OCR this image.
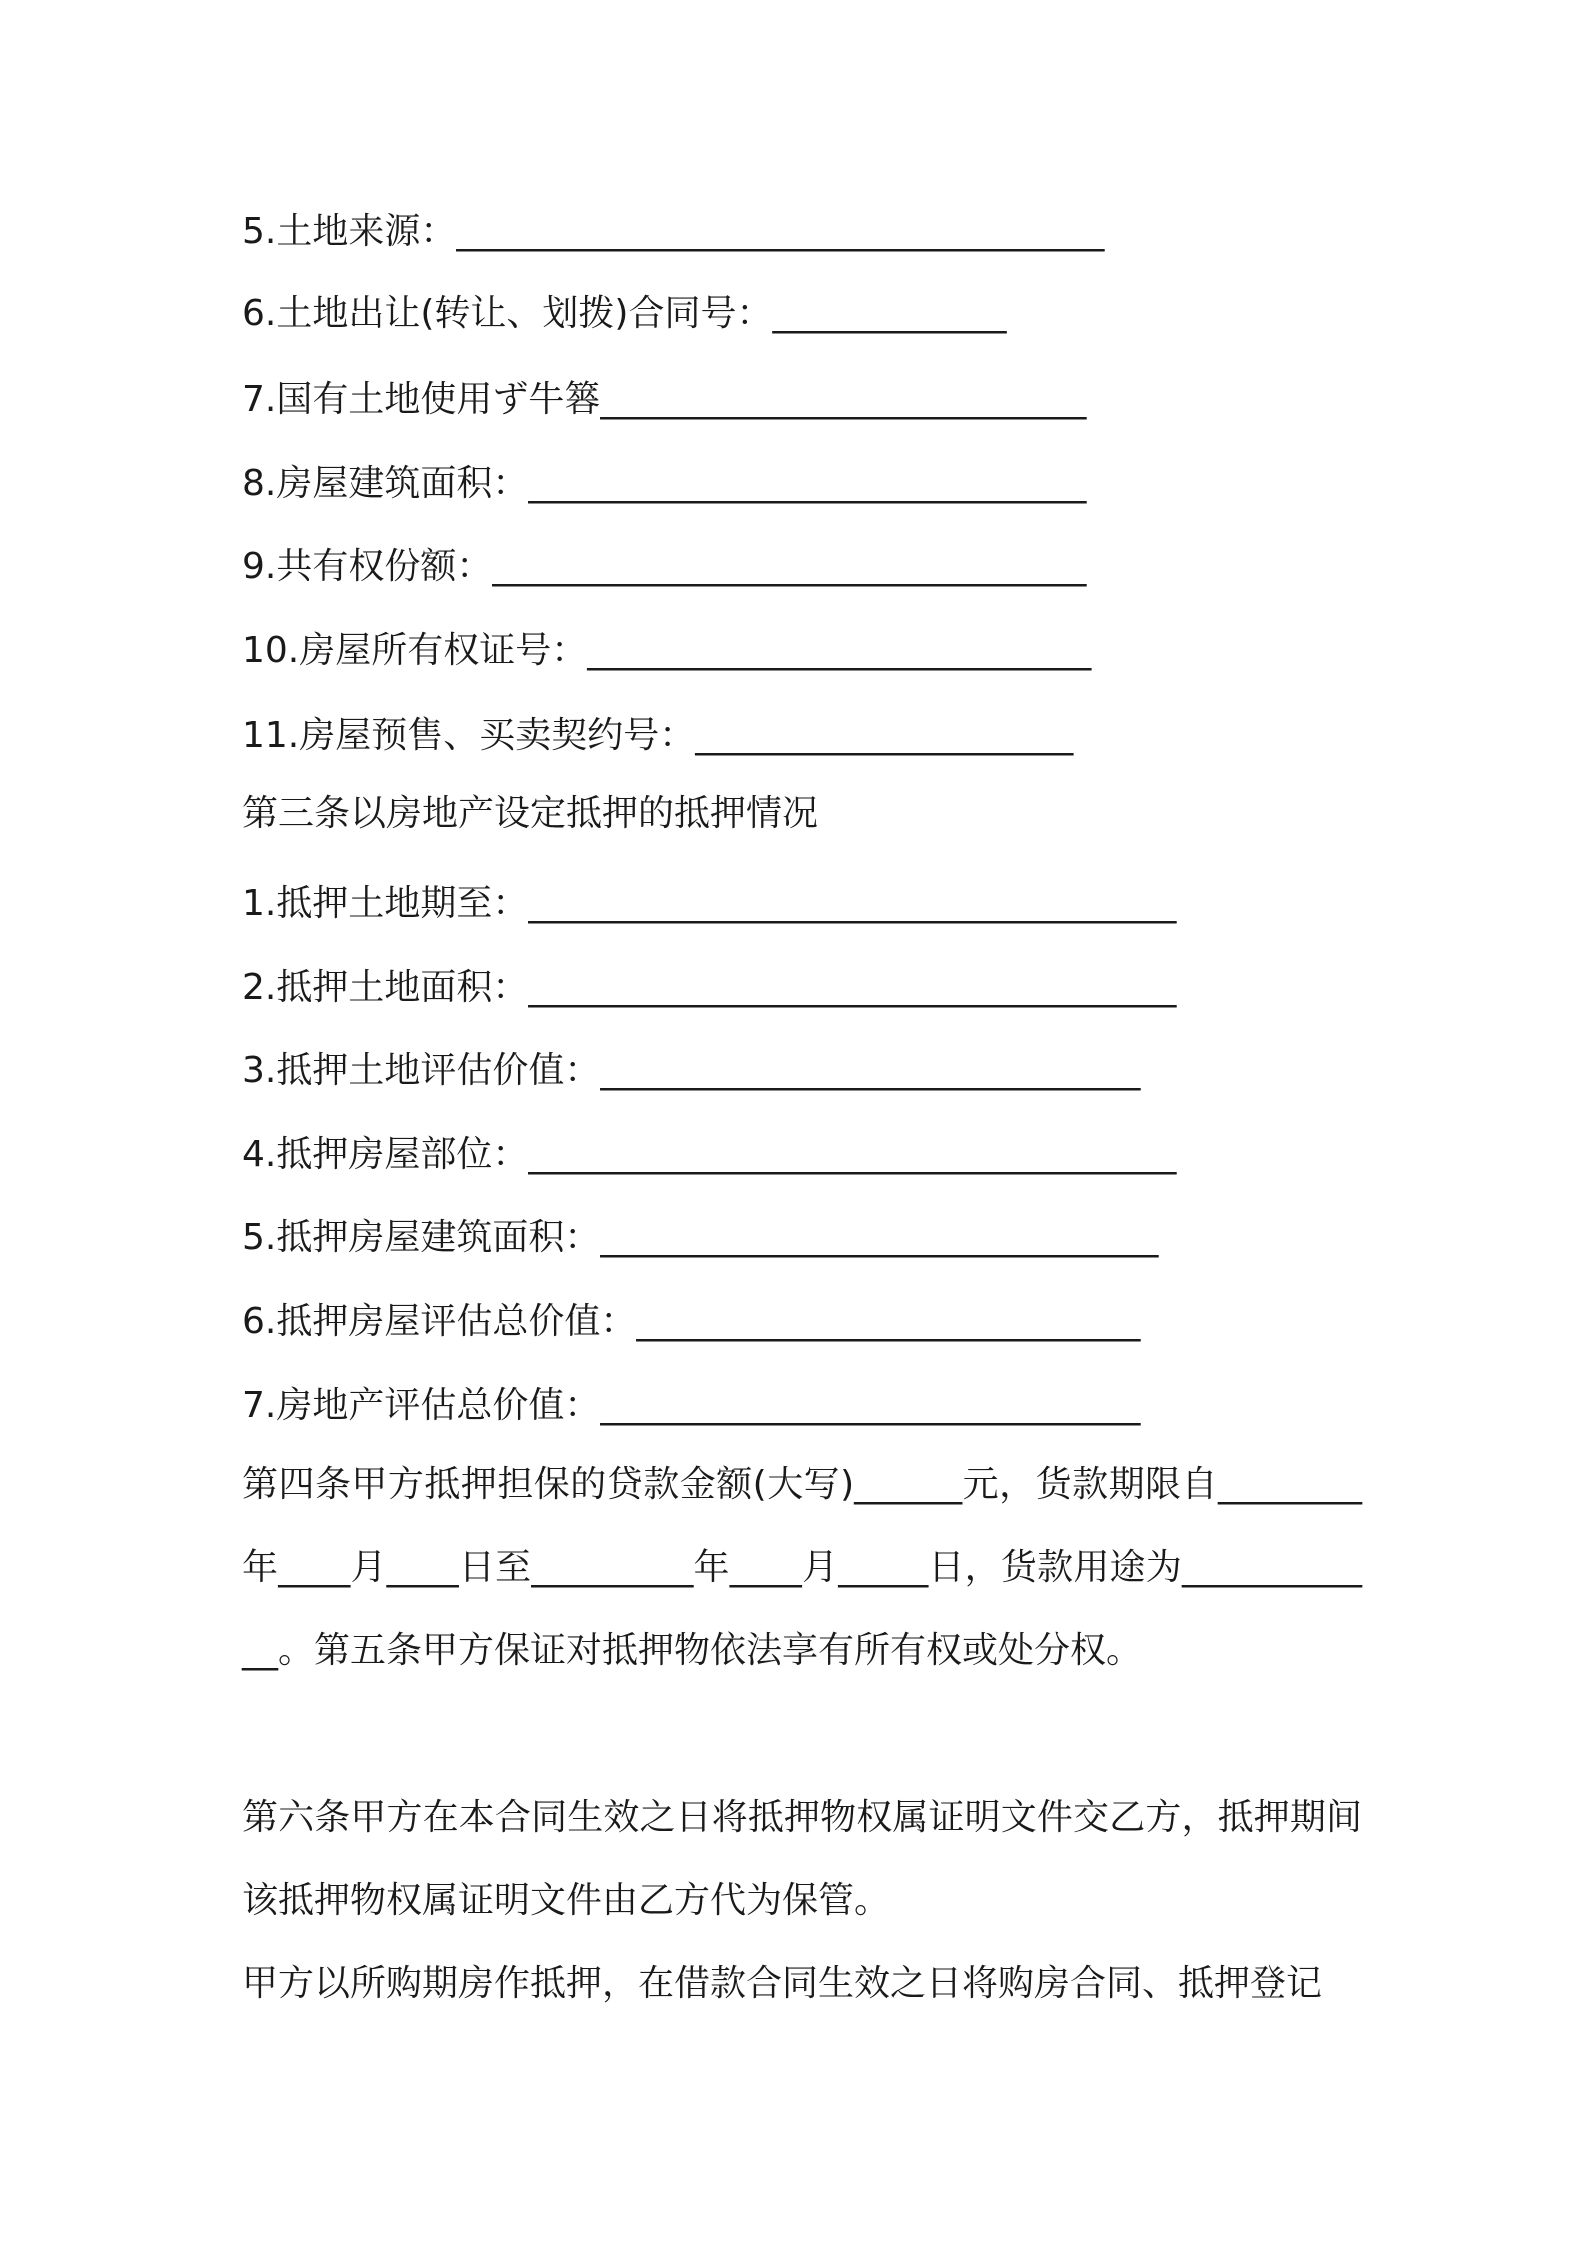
5.土地来源：____________________________________
6.土地出让(转让、划拨)合同号：_____________
7.国有土地使用ず牛簭___________________________
8.房屋建筑面积：_______________________________
9.共有权份额：_________________________________
10.房屋所有权证号：____________________________
11.房屋预售、买卖契约号：_____________________
第三条以房地产设定抵押的抵押情况
1.抵押土地期至：____________________________________
2.抵押土地面积：____________________________________
3.抵押土地评估价值：______________________________
4.抵押房屋部位：____________________________________
5.抵押房屋建筑面积：_______________________________
6.抵押房屋评估总价值：____________________________
7.房地产评估总价值：______________________________
第四条甲方抵押担保的贷款金额(大写)______元，货款期限自________年____月____日至_________年____月_____日，货款用途为____________。第五条甲方保证对抵押物依法享有所有权或处分权。
第六条甲方在本合同生效之日将抵押物权属证明文件交乙方，抵押期间该抵押物权属证明文件由乙方代为保管。
甲方以所购期房作抵押，在借款合同生效之日将购房合同、抵押登记
